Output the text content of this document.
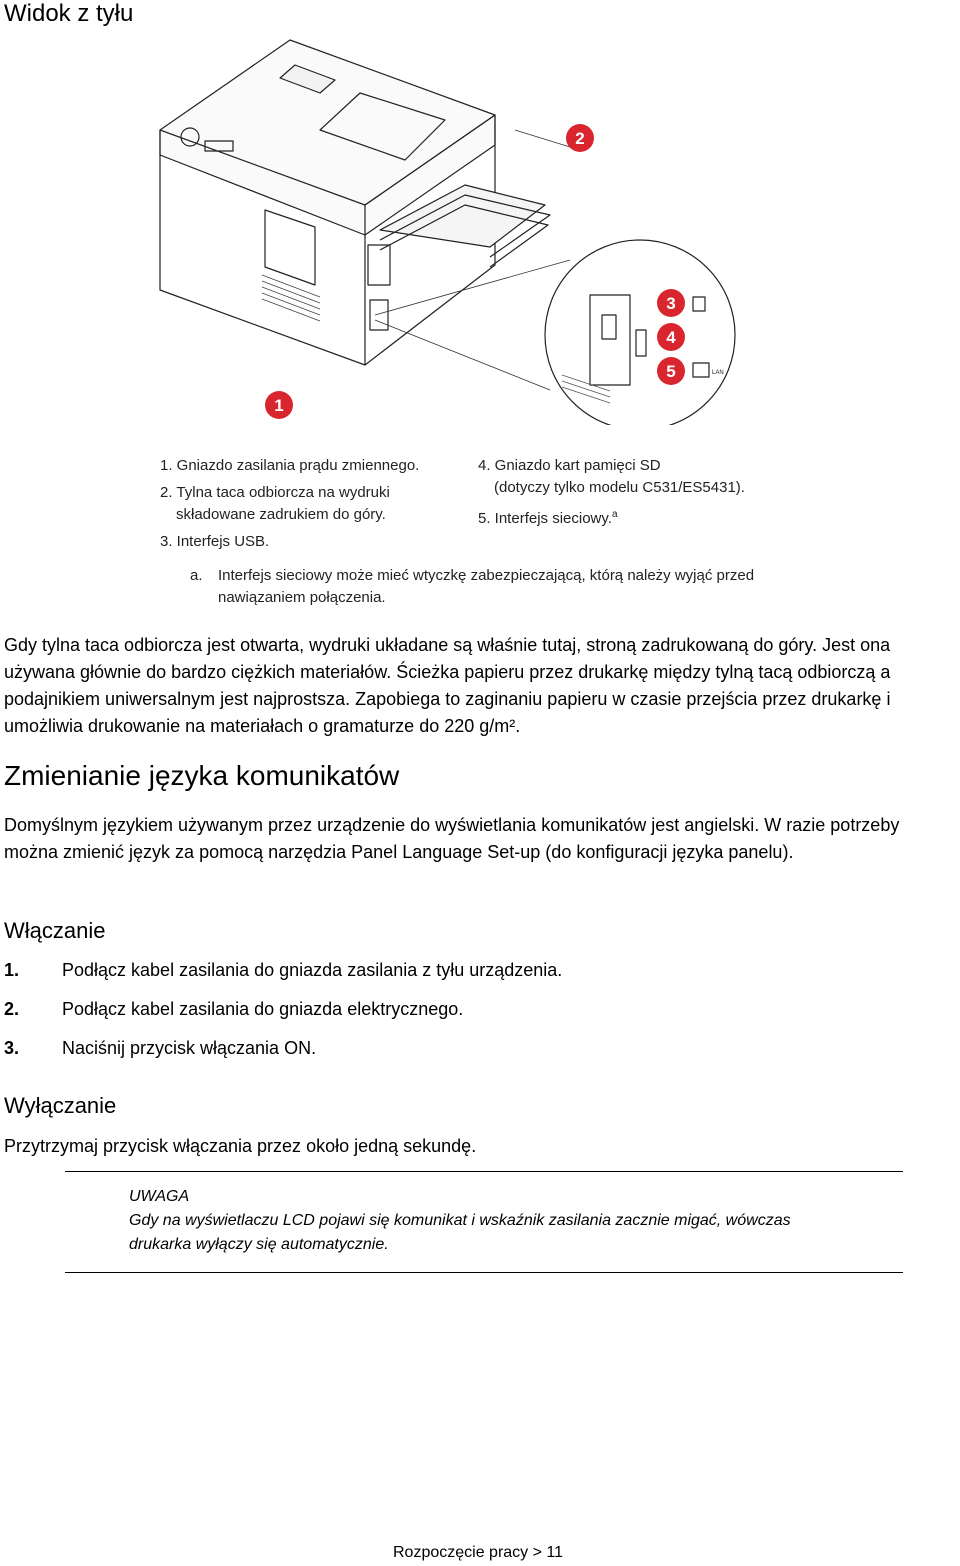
Widok z tyłu
1
2
3
4
5	LAN
1. Gniazdo zasilania prądu zmiennego.
2. Tylna taca odbiorcza na wydruki
składowane zadrukiem do góry.
3. Interfejs USB.
4. Gniazdo kart pamięci SD
(dotyczy tylko modelu C531/ES5431).
5. Interfejs sieciowy.$^a$
a. Interfejs sieciowy może mieć wtyczkę zabezpieczającą, którą należy wyjąć przed nawiązaniem połączenia.

Gdy tylna taca odbiorcza jest otwarta, wydruki układane są właśnie tutaj, stroną zadrukowaną do góry. Jest ona używana głównie do bardzo ciężkich materiałów. Ścieżka papieru przez drukarkę między tylną tacą odbiorczą a podajnikiem uniwersalnym jest najprostsza. Zapobiega to zaginaniu papieru w czasie przejścia przez drukarkę i umożliwia drukowanie na materiałach o gramaturze do 220 g/m².

Zmienianie języka komunikatów

Domyślnym językiem używanym przez urządzenie do wyświetlania komunikatów jest angielski. W razie potrzeby można zmienić język za pomocą narzędzia Panel Language Set-up (do konfiguracji języka panelu).

Włączanie
1. Podłącz kabel zasilania do gniazda zasilania z tyłu urządzenia.
2. Podłącz kabel zasilania do gniazda elektrycznego.
3. Naciśnij przycisk włączania ON.
Wyłączanie

Przytrzymaj przycisk włączania przez około jedną sekundę.

UWAGA
Gdy na wyświetlaczu LCD pojawi się komunikat i wskaźnik zasilania zacznie migać, wówczas drukarka wyłączy się automatycznie.
Rozpoczęcie pracy > 11
